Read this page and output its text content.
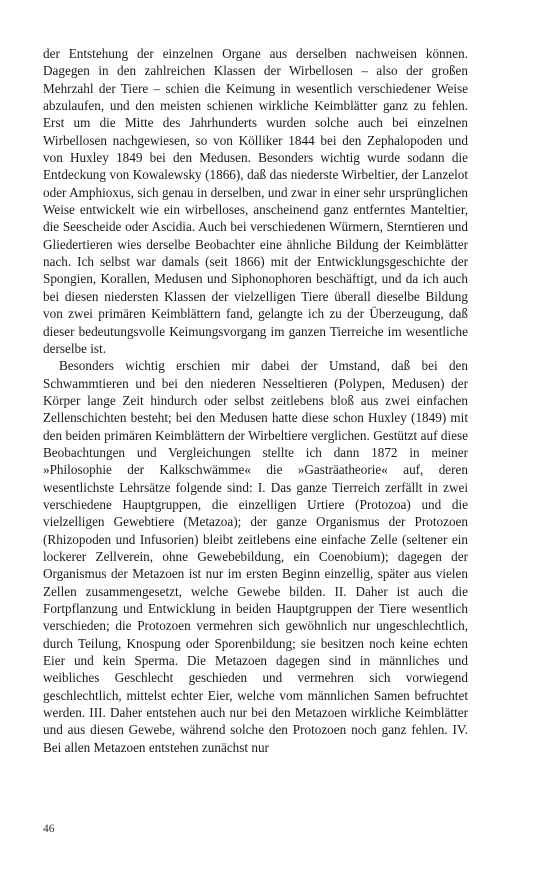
der Entstehung der einzelnen Organe aus derselben nachweisen können. Dagegen in den zahlreichen Klassen der Wirbellosen – also der großen Mehrzahl der Tiere – schien die Keimung in wesentlich verschiedener Weise abzulaufen, und den meisten schienen wirkliche Keimblätter ganz zu fehlen. Erst um die Mitte des Jahrhunderts wurden solche auch bei einzelnen Wirbellosen nachgewiesen, so von Kölliker 1844 bei den Zephalopoden und von Huxley 1849 bei den Medusen. Besonders wichtig wurde sodann die Entdeckung von Kowalewsky (1866), daß das niederste Wirbeltier, der Lanzelot oder Amphioxus, sich genau in derselben, und zwar in einer sehr ursprünglichen Weise entwickelt wie ein wirbelloses, anscheinend ganz entferntes Manteltier, die Seescheide oder Ascidia. Auch bei verschiedenen Würmern, Sterntieren und Gliedertieren wies derselbe Beobachter eine ähnliche Bildung der Keimblätter nach. Ich selbst war damals (seit 1866) mit der Entwicklungsgeschichte der Spongien, Korallen, Medusen und Siphonophoren beschäftigt, und da ich auch bei diesen niedersten Klassen der vielzelligen Tiere überall dieselbe Bildung von zwei primären Keimblättern fand, gelangte ich zu der Überzeugung, daß dieser bedeutungsvolle Keimungsvorgang im ganzen Tierreiche im wesentliche derselbe ist.

Besonders wichtig erschien mir dabei der Umstand, daß bei den Schwammtieren und bei den niederen Nesseltieren (Polypen, Medusen) der Körper lange Zeit hindurch oder selbst zeitlebens bloß aus zwei einfachen Zellenschichten besteht; bei den Medusen hatte diese schon Huxley (1849) mit den beiden primären Keimblättern der Wirbeltiere verglichen. Gestützt auf diese Beobachtungen und Vergleichungen stellte ich dann 1872 in meiner »Philosophie der Kalkschwämme« die »Gasträatheorie« auf, deren wesentlichste Lehrsätze folgende sind: I. Das ganze Tierreich zerfällt in zwei verschiedene Hauptgruppen, die einzelligen Urtiere (Protozoa) und die vielzelligen Gewebtiere (Metazoa); der ganze Organismus der Protozoen (Rhizopoden und Infusorien) bleibt zeitlebens eine einfache Zelle (seltener ein lockerer Zellverein, ohne Gewebebildung, ein Coenobium); dagegen der Organismus der Metazoen ist nur im ersten Beginn einzellig, später aus vielen Zellen zusammengesetzt, welche Gewebe bilden. II. Daher ist auch die Fortpflanzung und Entwicklung in beiden Hauptgruppen der Tiere wesentlich verschieden; die Protozoen vermehren sich gewöhnlich nur ungeschlechtlich, durch Teilung, Knospung oder Sporenbildung; sie besitzen noch keine echten Eier und kein Sperma. Die Metazoen dagegen sind in männliches und weibliches Geschlecht geschieden und vermehren sich vorwiegend geschlechtlich, mittelst echter Eier, welche vom männlichen Samen befruchtet werden. III. Daher entstehen auch nur bei den Metazoen wirkliche Keimblätter und aus diesen Gewebe, während solche den Protozoen noch ganz fehlen. IV. Bei allen Metazoen entstehen zunächst nur

46
